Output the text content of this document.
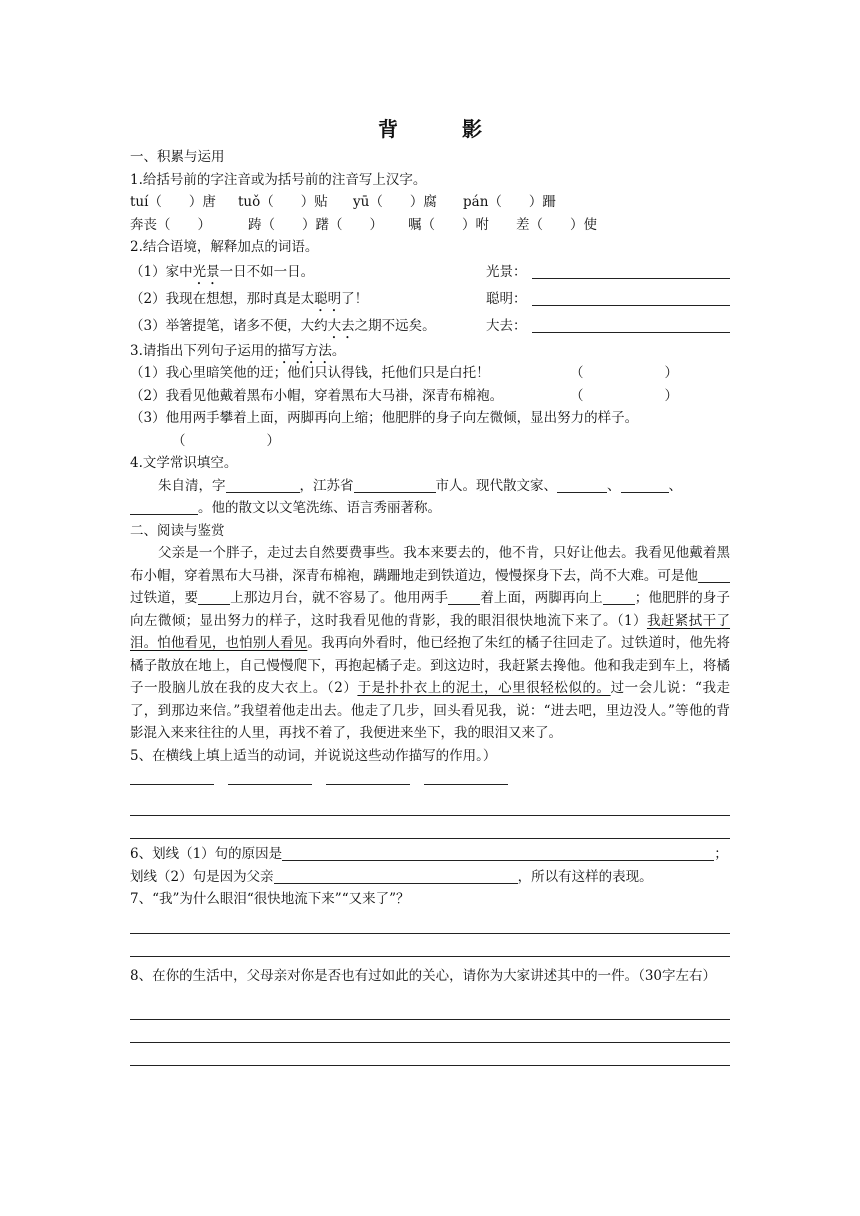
背　影
一、积累与运用
1.给括号前的字注音或为括号前的注音写上汉字。
tuí（　　）唐 tuǒ（　　）贴 yū（　　）腐 pán（　　）跚
奔丧（　　）	踌（　　）躇（　　） 嘱（　　）咐 差（　　）使
2.结合语境，解释加点的词语。
（1）家中光景一日不如一日。	光景：
（2）我现在想想，那时真是太聪明了！	聪明：
（3）举箸提笔，诸多不便，大约大去之期不远矣。	大去：
3.请指出下列句子运用的描写方法。
（1）我心里暗笑他的迂；他们只认得钱，托他们只是白托！	（　　　　　　）
（2）我看见他戴着黑布小帽，穿着黑布大马褂，深青布棉袍。	（　　　　　　）
（3）他用两手攀着上面，两脚再向上缩；他肥胖的身子向左微倾，显出努力的样子。
（　　　　　　）
4.文学常识填空。
朱自清，字	，江苏省	市人。现代散文家、	、	、
。他的散文以文笔洗练、语言秀丽著称。
二、阅读与鉴赏
父亲是一个胖子，走过去自然要费事些。我本来要去的，他不肯，只好让他去。我看见他戴着黑布小帽，穿着黑布大马褂，深青布棉袍，蹒跚地走到铁道边，慢慢探身下去，尚不大难。可是他过铁道，要 上那边月台，就不容易了。他用两手 着上面，两脚再向上 ；他肥胖的身子向左微倾；显出努力的样子，这时我看见他的背影，我的眼泪很快地流下来了。（1）我赶紧拭干了泪。怕他看见，也怕别人看见。我再向外看时，他已经抱了朱红的橘子往回走了。过铁道时，他先将橘子散放在地上，自己慢慢爬下，再抱起橘子走。到这边时，我赶紧去搀他。他和我走到车上，将橘子一股脑儿放在我的皮大衣上。（2）于是扑扑衣上的泥土，心里很轻松似的。过一会儿说：“我走了，到那边来信。”我望着他走出去。他走了几步，回头看见我，说：“进去吧，里边没人。”等他的背影混入来来往往的人里，再找不着了，我便进来坐下，我的眼泪又来了。
5、在横线上填上适当的动词，并说说这些动作描写的作用。）
6、划线（1）句的原因是	；
划线（2）句是因为父亲	，所以有这样的表现。
7、“我”为什么眼泪“很快地流下来”“又来了”？
8、在你的生活中，父母亲对你是否也有过如此的关心，请你为大家讲述其中的一件。（30字左右）
